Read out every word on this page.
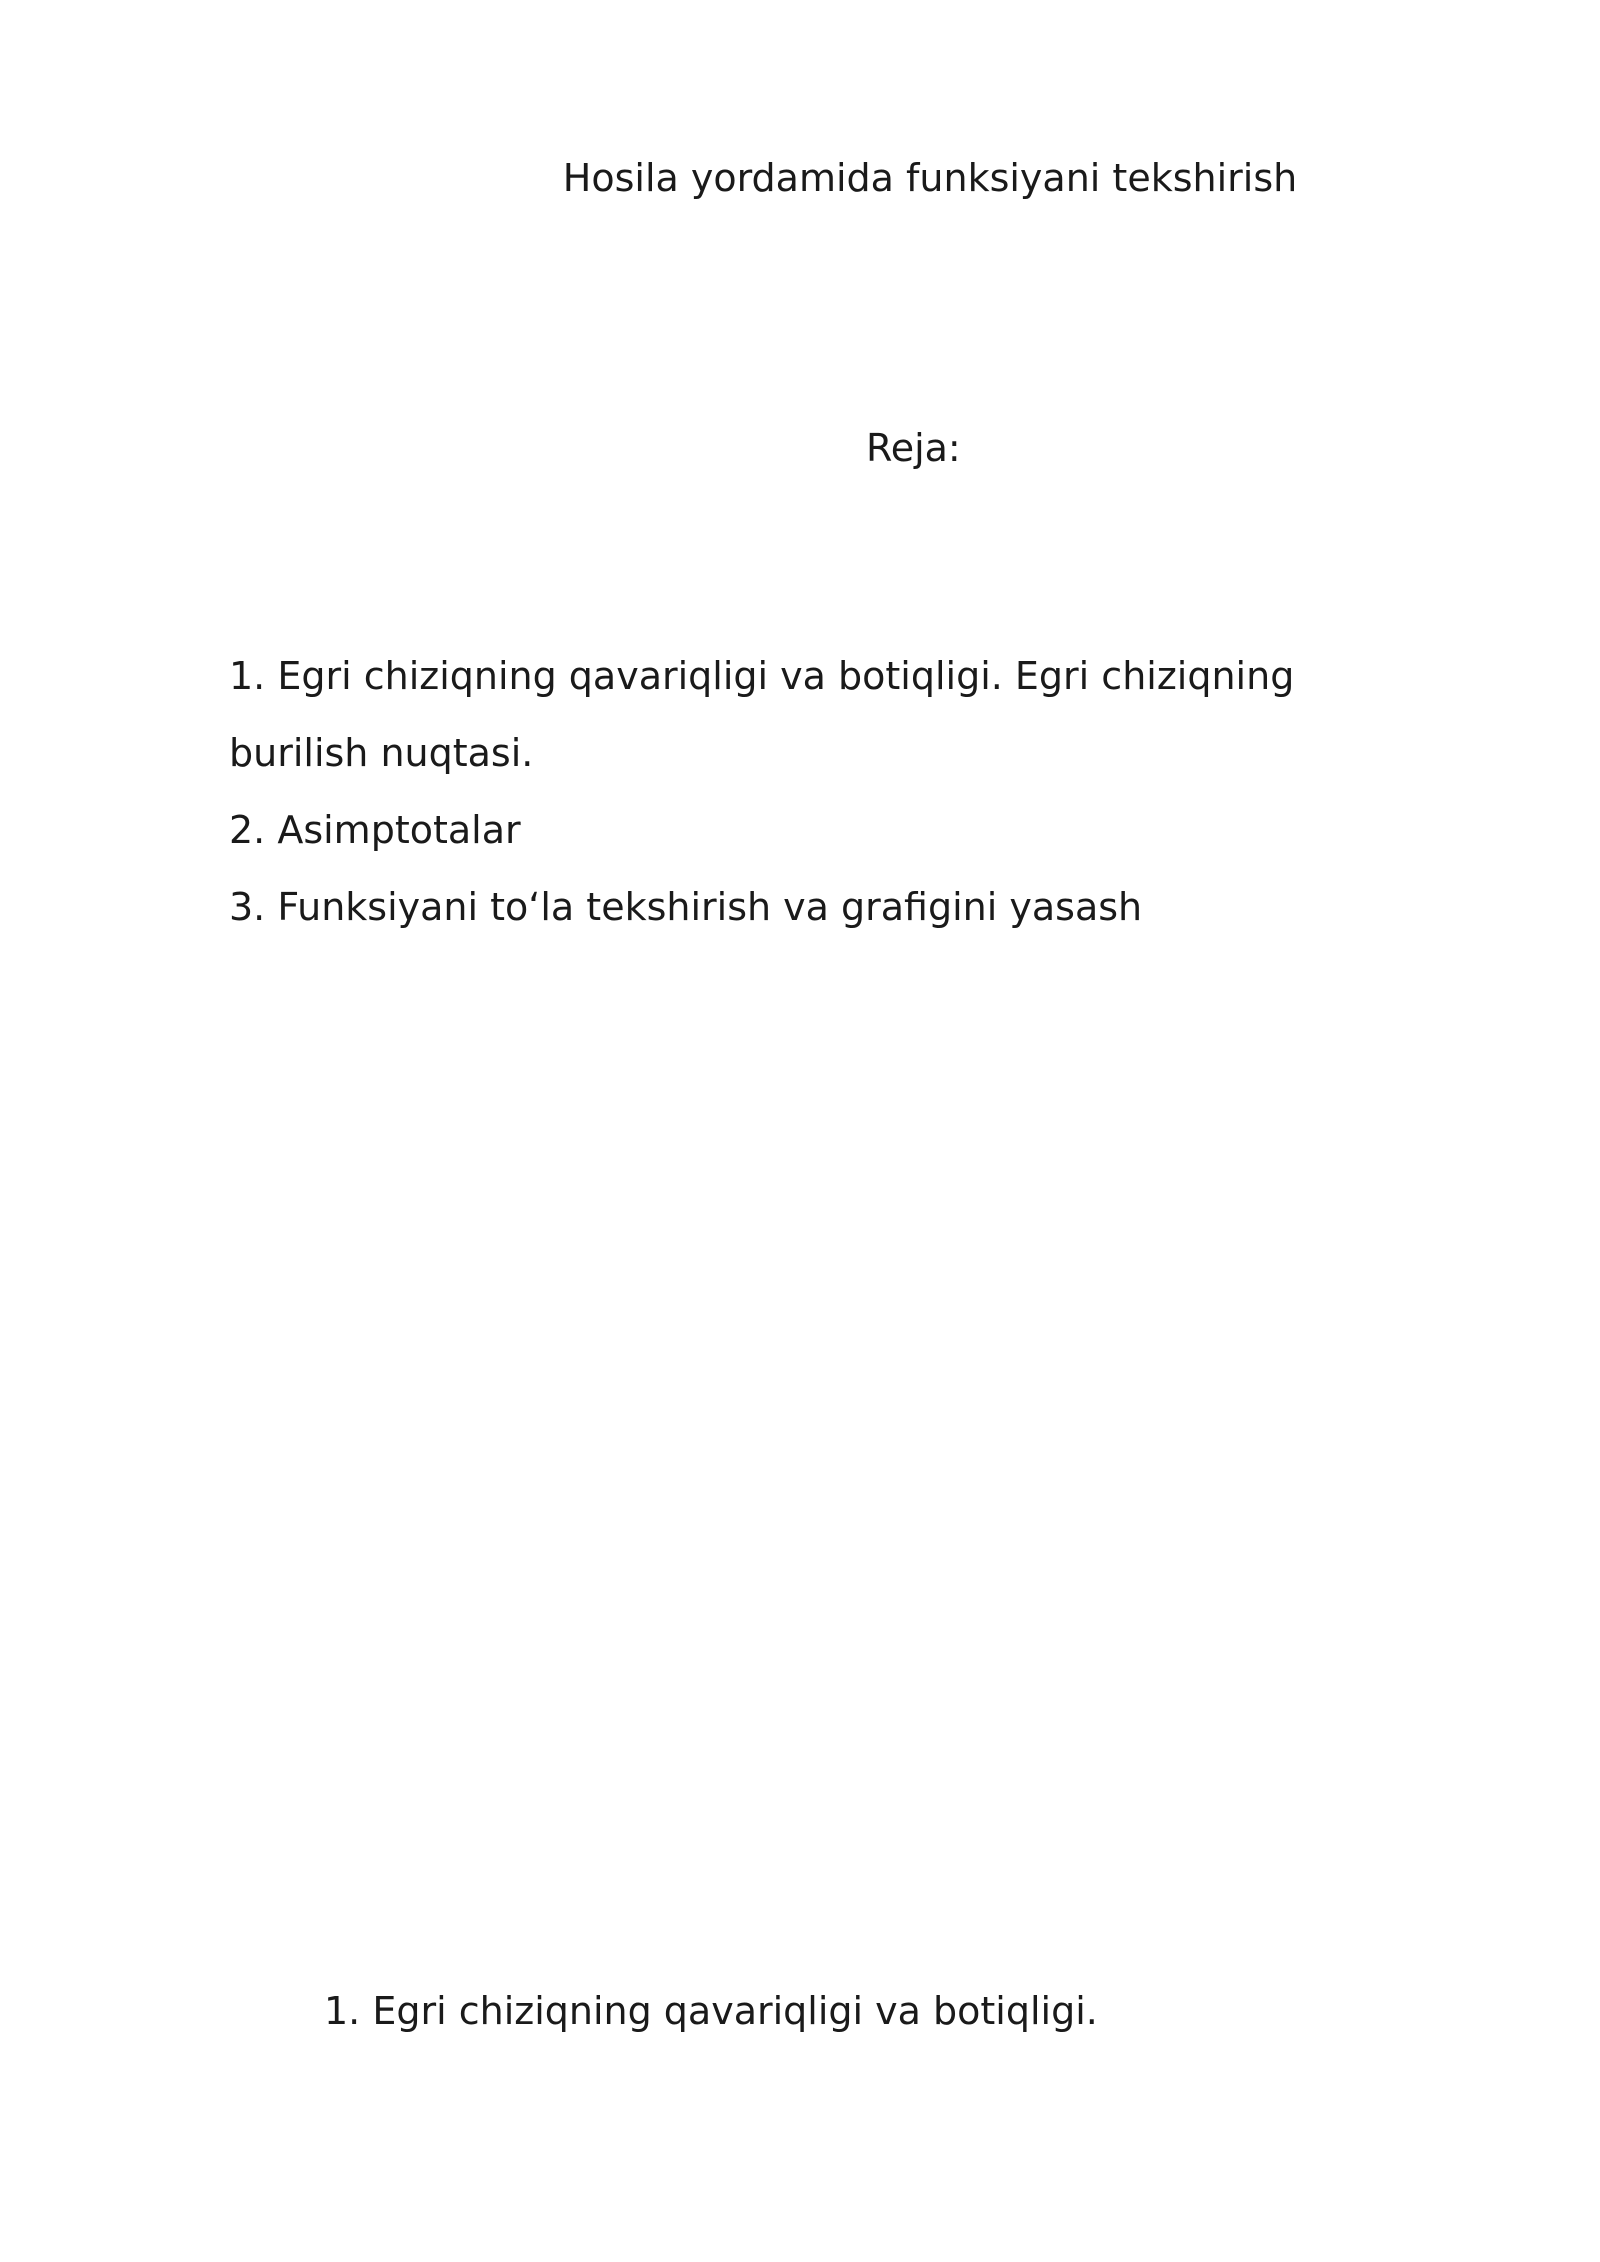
Hosila yordamida funksiyani tekshirish
Reja:
1. Egri chiziqning qavariqligi va botiqligi. Egri chiziqning burilish nuqtasi.
2. Asimptotalar
3. Funksiyani to‘la tekshirish va grafigini yasash
1. Egri chiziqning qavariqligi va botiqligi.
